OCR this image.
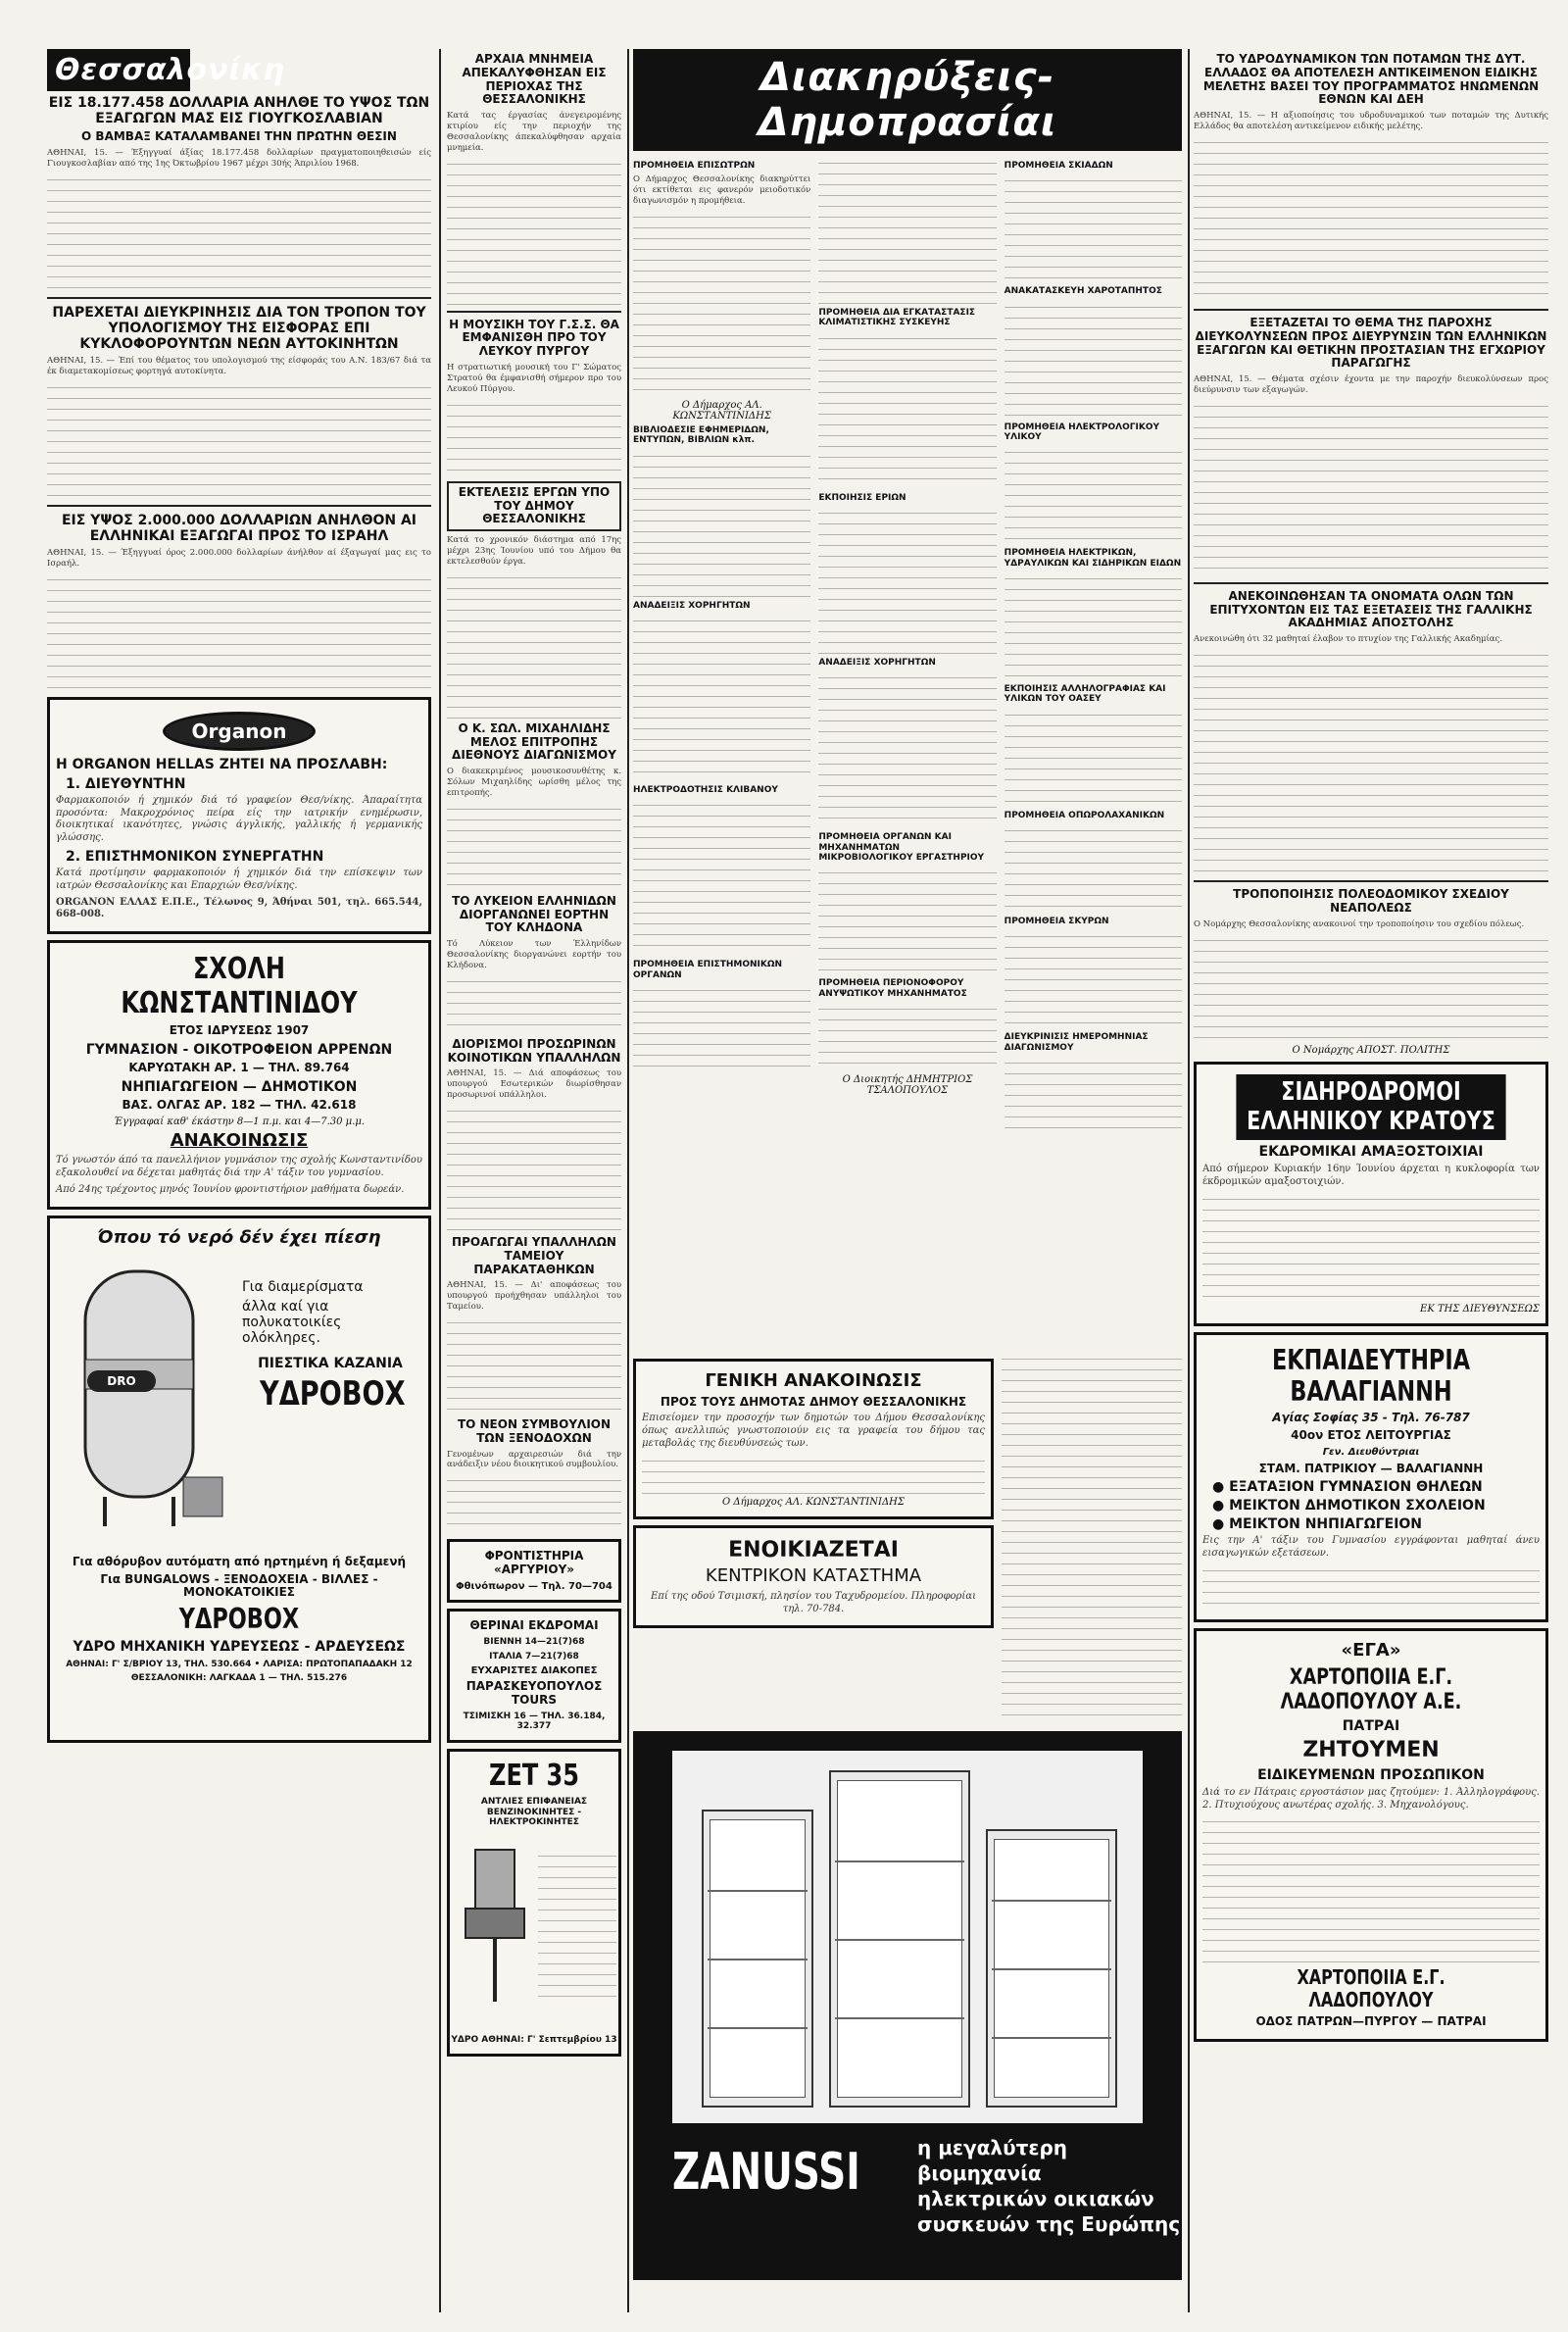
Θεσσαλονίκη
ΕΙΣ 18.177.458 ΔΟΛΛΑΡΙΑ ΑΝΗΛΘΕ ΤΟ ΥΨΟΣ ΤΩΝ ΕΞΑΓΩΓΩΝ ΜΑΣ ΕΙΣ ΓΙΟΥΓΚΟΣΛΑΒΙΑΝ
Ο ΒΑΜΒΑΞ ΚΑΤΑΛΑΜΒΑΝΕΙ ΤΗΝ ΠΡΩΤΗΝ ΘΕΣΙΝ

ΑΘΗΝΑΙ, 15. — Έξηγγυαί άξίας 18.177.458 δολλαρίων πραγματοποιηθεισών είς Γιουγκοσλαβίαν από της 1ης Όκτωβρίου 1967 μέχρι 30ής Άπριλίου 1968.

ΠΑΡΕΧΕΤΑΙ ΔΙΕΥΚΡΙΝΗΣΙΣ ΔΙΑ ΤΟΝ ΤΡΟΠΟΝ ΤΟΥ ΥΠΟΛΟΓΙΣΜΟΥ ΤΗΣ ΕΙΣΦΟΡΑΣ ΕΠΙ ΚΥΚΛΟΦΟΡΟΥΝΤΩΝ ΝΕΩΝ ΑΥΤΟΚΙΝΗΤΩΝ

ΑΘΗΝΑΙ, 15. — Έπί του θέματος του υπολογισμού της είσφοράς του Α.Ν. 183/67 διά τα έκ διαμετακομίσεως φορτηγά αυτοκίνητα.

ΕΙΣ ΥΨΟΣ 2.000.000 ΔΟΛΛΑΡΙΩΝ ΑΝΗΛΘΟΝ ΑΙ ΕΛΛΗΝΙΚΑΙ ΕΞΑΓΩΓΑΙ ΠΡΟΣ ΤΟ ΙΣΡΑΗΛ

ΑΘΗΝΑΙ, 15. — Έξηγγυαί όρος 2.000.000 δολλαρίων άνήλθον αί έξαγωγαί μας εις το Ισραήλ.

Organon
Η ORGANON HELLAS ΖΗΤΕΙ ΝΑ ΠΡΟΣΛΑΒΗ:
1. ΔΙΕΥΘΥΝΤΗΝ

Φαρμακοποιόν ή χημικόν διά τό γραφείον Θεσ/νίκης. Άπαραίτητα προσόντα: Μακροχρόνιος πείρα είς την ιατρικήν ενημέρωσιν, διοικητικαί ικανότητες, γνώσις άγγλικής, γαλλικής ή γερμανικής γλώσσης.

2. ΕΠΙΣΤΗΜΟΝΙΚΟΝ ΣΥΝΕΡΓΑΤΗΝ

Κατά προτίμησιν φαρμακοποιόν ή χημικόν διά την επίσκεψιν των ιατρών Θεσσαλονίκης και Επαρχιών Θεσ/νίκης.

ORGANON ΕΛΛΑΣ Ε.Π.Ε., Τέλωνος 9, Άθήναι 501, τηλ. 665.544, 668-008.

ΣΧΟΛΗ ΚΩΝΣΤΑΝΤΙΝΙΔΟΥ
ΕΤΟΣ ΙΔΡΥΣΕΩΣ 1907
ΓΥΜΝΑΣΙΟΝ - ΟΙΚΟΤΡΟΦΕΙΟΝ ΑΡΡΕΝΩΝ
ΚΑΡΥΩΤΑΚΗ ΑΡ. 1 — ΤΗΛ. 89.764
ΝΗΠΙΑΓΩΓΕΙΟΝ — ΔΗΜΟΤΙΚΟΝ
ΒΑΣ. ΟΛΓΑΣ ΑΡ. 182 — ΤΗΛ. 42.618
Έγγραφαί καθ' έκάστην 8—1 π.μ. και 4—7.30 μ.μ.
ΑΝΑΚΟΙΝΩΣΙΣ

Τό γνωστόν άπό τα πανελλήνιον γυμνάσιον της σχολής Κωνσταντινίδου εξακολουθεί να δέχεται μαθητάς διά την Α' τάξιν του γυμνασίου.

Από 24ης τρέχοντος μηνός Ίουνίου φροντιστήριον μαθήματα δωρεάν.

Όπου τό νερό δέν έχει πίεση
DRO
Για διαμερίσματα
άλλα καί για πολυκατοικίες ολόκληρες.
ΠΙΕΣΤΙΚΑ ΚΑΖΑΝΙΑ
ΥΔΡΟΒΟΧ
Για αθόρυβον αυτόματη από ηρτημένη ή δεξαμενή
Για BUNGALOWS - ΞΕΝΟΔΟΧΕΙΑ - ΒΙΛΛΕΣ - ΜΟΝΟΚΑΤΟΙΚΙΕΣ
ΥΔΡΟΒΟΧ
ΥΔΡΟ ΜΗΧΑΝΙΚΗ ΥΔΡΕΥΣΕΩΣ - ΑΡΔΕΥΣΕΩΣ
ΑΘΗΝΑΙ: Γ' Σ/ΒΡΙΟΥ 13, ΤΗΛ. 530.664 • ΛΑΡΙΣΑ: ΠΡΩΤΟΠΑΠΑΔΑΚΗ 12
ΘΕΣΣΑΛΟΝΙΚΗ: ΛΑΓΚΑΔΑ 1 — ΤΗΛ. 515.276
ΑΡΧΑΙΑ ΜΝΗΜΕΙΑ ΑΠΕΚΑΛΥΦΘΗΣΑΝ ΕΙΣ ΠΕΡΙΟΧΑΣ ΤΗΣ ΘΕΣΣΑΛΟΝΙΚΗΣ

Κατά τας έργασίας άνεγειρομένης κτιρίου είς την περιοχήν της Θεσσαλονίκης άπεκαλύφθησαν αρχαία μνημεία.

Η ΜΟΥΣΙΚΗ ΤΟΥ Γ.Σ.Σ. ΘΑ ΕΜΦΑΝΙΣΘΗ ΠΡΟ ΤΟΥ ΛΕΥΚΟΥ ΠΥΡΓΟΥ

Η στρατιωτική μουσική του Γ' Σώματος Στρατού θα έμφανισθή σήμερον προ του Λευκού Πύργου.

ΕΚΤΕΛΕΣΙΣ ΕΡΓΩΝ ΥΠΟ ΤΟΥ ΔΗΜΟΥ ΘΕΣΣΑΛΟΝΙΚΗΣ

Κατά το χρονικόν διάστημα από 17ης μέχρι 23ης Ίουνίου υπό του Δήμου θα εκτελεσθούν έργα.

Ο Κ. ΣΩΛ. ΜΙΧΑΗΛΙΔΗΣ ΜΕΛΟΣ ΕΠΙΤΡΟΠΗΣ ΔΙΕΘΝΟΥΣ ΔΙΑΓΩΝΙΣΜΟΥ

Ο διακεκριμένος μουσικοσυνθέτης κ. Σόλων Μιχαηλίδης ωρίσθη μέλος της επιτροπής.

ΤΟ ΛΥΚΕΙΟΝ ΕΛΛΗΝΙΔΩΝ ΔΙΟΡΓΑΝΩΝΕΙ ΕΟΡΤΗΝ ΤΟΥ ΚΛΗΔΟΝΑ

Τό Λύκειον των Έλληνίδων Θεσσαλονίκης διοργανώνει εορτήν του Κλήδονα.

ΔΙΟΡΙΣΜΟΙ ΠΡΟΣΩΡΙΝΩΝ ΚΟΙΝΟΤΙΚΩΝ ΥΠΑΛΛΗΛΩΝ

ΑΘΗΝΑΙ, 15. — Διά αποφάσεως του υπουργού Εσωτερικών διωρίσθησαν προσωρινοί υπάλληλοι.

ΠΡΟΑΓΩΓΑΙ ΥΠΑΛΛΗΛΩΝ ΤΑΜΕΙΟΥ ΠΑΡΑΚΑΤΑΘΗΚΩΝ

ΑΘΗΝΑΙ, 15. — Δι' αποφάσεως του υπουργού προήχθησαν υπάλληλοι του Ταμείου.

ΤΟ ΝΕΟΝ ΣΥΜΒΟΥΛΙΟΝ ΤΩΝ ΞΕΝΟΔΟΧΩΝ

Γενομένων αρχαιρεσιών διά την ανάδειξιν νέου διοικητικού συμβουλίου.

ΦΡΟΝΤΙΣΤΗΡΙΑ «ΑΡΓΥΡΙΟΥ»
Φθινόπωρον — Τηλ. 70—704
ΘΕΡΙΝΑΙ ΕΚΔΡΟΜΑΙ
ΒΙΕΝΝΗ 14—21(7)68
ΙΤΑΛΙΑ 7—21(7)68
ΕΥΧΑΡΙΣΤΕΣ ΔΙΑΚΟΠΕΣ
ΠΑΡΑΣΚΕΥΟΠΟΥΛΟΣ TOURS
ΤΣΙΜΙΣΚΗ 16 — ΤΗΛ. 36.184, 32.377
ΖΕΤ 35
ΑΝΤΛΙΕΣ ΕΠΙΦΑΝΕΙΑΣ ΒΕΝΖΙΝΟΚΙΝΗΤΕΣ - ΗΛΕΚΤΡΟΚΙΝΗΤΕΣ
ΥΔΡΟ ΑΘΗΝΑΙ: Γ' Σεπτεμβρίου 13
Διακηρύξεις-Δημοπρασίαι
ΠΡΟΜΗΘΕΙΑ ΕΠΙΣΩΤΡΩΝ

Ο Δήμαρχος Θεσσαλονίκης διακηρύττει ότι εκτίθεται εις φανερόν μειοδοτικόν διαγωνισμόν η προμήθεια.

Ο Δήμαρχος ΑΛ. ΚΩΝΣΤΑΝΤΙΝΙΔΗΣ
ΒΙΒΛΙΟΔΕΣΙΕ ΕΦΗΜΕΡΙΔΩΝ, ΕΝΤΥΠΩΝ, ΒΙΒΛΙΩΝ κλπ.
ΑΝΑΔΕΙΞΙΣ ΧΟΡΗΓΗΤΩΝ
ΗΛΕΚΤΡΟΔΟΤΗΣΙΣ ΚΛΙΒΑΝΟΥ
ΠΡΟΜΗΘΕΙΑ ΕΠΙΣΤΗΜΟΝΙΚΩΝ ΟΡΓΑΝΩΝ
ΠΡΟΜΗΘΕΙΑ ΔΙΑ ΕΓΚΑΤΑΣΤΑΣΙΣ ΚΛΙΜΑΤΙΣΤΙΚΗΣ ΣΥΣΚΕΥΗΣ
ΕΚΠΟΙΗΣΙΣ ΕΡΙΩΝ
ΑΝΑΔΕΙΞΙΣ ΧΟΡΗΓΗΤΩΝ
ΠΡΟΜΗΘΕΙΑ ΟΡΓΑΝΩΝ ΚΑΙ ΜΗΧΑΝΗΜΑΤΩΝ ΜΙΚΡΟΒΙΟΛΟΓΙΚΟΥ ΕΡΓΑΣΤΗΡΙΟΥ
ΠΡΟΜΗΘΕΙΑ ΠΕΡΙΟΝΟΦΟΡΟΥ ΑΝΥΨΩΤΙΚΟΥ ΜΗΧΑΝΗΜΑΤΟΣ
Ο Διοικητής ΔΗΜΗΤΡΙΟΣ ΤΣΑΛΟΠΟΥΛΟΣ
ΠΡΟΜΗΘΕΙΑ ΣΚΙΑΔΩΝ
ΑΝΑΚΑΤΑΣΚΕΥΗ ΧΑΡΟΤΑΠΗΤΟΣ
ΠΡΟΜΗΘΕΙΑ ΗΛΕΚΤΡΟΛΟΓΙΚΟΥ ΥΛΙΚΟΥ
ΠΡΟΜΗΘΕΙΑ ΗΛΕΚΤΡΙΚΩΝ, ΥΔΡΑΥΛΙΚΩΝ ΚΑΙ ΣΙΔΗΡΙΚΩΝ ΕΙΔΩΝ
ΕΚΠΟΙΗΣΙΣ ΑΛΛΗΛΟΓΡΑΦΙΑΣ ΚΑΙ ΥΛΙΚΩΝ ΤΟΥ ΟΑΣΕΥ
ΠΡΟΜΗΘΕΙΑ ΟΠΩΡΟΛΑΧΑΝΙΚΩΝ
ΠΡΟΜΗΘΕΙΑ ΣΚΥΡΩΝ
ΔΙΕΥΚΡΙΝΙΣΙΣ ΗΜΕΡΟΜΗΝΙΑΣ ΔΙΑΓΩΝΙΣΜΟΥ
ΓΕΝΙΚΗ ΑΝΑΚΟΙΝΩΣΙΣ
ΠΡΟΣ ΤΟΥΣ ΔΗΜΟΤΑΣ ΔΗΜΟΥ ΘΕΣΣΑΛΟΝΙΚΗΣ

Επισείομεν την προσοχήν των δημοτών του Δήμου Θεσσαλονίκης όπως ανελλιπώς γνωστοποιούν εις τα γραφεία του δήμου τας μεταβολάς της διευθύνσεώς των.

Ο Δήμαρχος ΑΛ. ΚΩΝΣΤΑΝΤΙΝΙΔΗΣ
ΕΝΟΙΚΙΑΖΕΤΑΙ
ΚΕΝΤΡΙΚΟΝ ΚΑΤΑΣΤΗΜΑ

Επί της οδού Τσιμισκή, πλησίον του Ταχυδρομείου. Πληροφορίαι τηλ. 70-784.

ZANUSSI	η μεγαλύτερη βιομηχανία
ηλεκτρικών οικιακών
συσκευών της Ευρώπης
ΤΟ ΥΔΡΟΔΥΝΑΜΙΚΟΝ ΤΩΝ ΠΟΤΑΜΩΝ ΤΗΣ ΔΥΤ. ΕΛΛΑΔΟΣ ΘΑ ΑΠΟΤΕΛΕΣΗ ΑΝΤΙΚΕΙΜΕΝΟΝ ΕΙΔΙΚΗΣ ΜΕΛΕΤΗΣ ΒΑΣΕΙ ΤΟΥ ΠΡΟΓΡΑΜΜΑΤΟΣ ΗΝΩΜΕΝΩΝ ΕΘΝΩΝ ΚΑΙ ΔΕΗ

ΑΘΗΝΑΙ, 15. — Η αξιοποίησις του υδροδυναμικού των ποταμών της Δυτικής Ελλάδος θα αποτελέση αντικείμενον ειδικής μελέτης.

ΕΞΕΤΑΖΕΤΑΙ ΤΟ ΘΕΜΑ ΤΗΣ ΠΑΡΟΧΗΣ ΔΙΕΥΚΟΛΥΝΣΕΩΝ ΠΡΟΣ ΔΙΕΥΡΥΝΣΙΝ ΤΩΝ ΕΛΛΗΝΙΚΩΝ ΕΞΑΓΩΓΩΝ ΚΑΙ ΘΕΤΙΚΗΝ ΠΡΟΣΤΑΣΙΑΝ ΤΗΣ ΕΓΧΩΡΙΟΥ ΠΑΡΑΓΩΓΗΣ

ΑΘΗΝΑΙ, 15. — Θέματα σχέσιν έχοντα με την παροχήν διευκολύνσεων προς διεύρυνσιν των εξαγωγών.

ΑΝΕΚΟΙΝΩΘΗΣΑΝ ΤΑ ΟΝΟΜΑΤΑ ΟΛΩΝ ΤΩΝ ΕΠΙΤΥΧΟΝΤΩΝ ΕΙΣ ΤΑΣ ΕΞΕΤΑΣΕΙΣ ΤΗΣ ΓΑΛΛΙΚΗΣ ΑΚΑΔΗΜΙΑΣ ΑΠΟΣΤΟΛΗΣ

Ανεκοινώθη ότι 32 μαθηταί έλαβον το πτυχίον της Γαλλικής Ακαδημίας.

ΤΡΟΠΟΠΟΙΗΣΙΣ ΠΟΛΕΟΔΟΜΙΚΟΥ ΣΧΕΔΙΟΥ ΝΕΑΠΟΛΕΩΣ

Ο Νομάρχης Θεσσαλονίκης ανακοινοί την τροποποίησιν του σχεδίου πόλεως.

Ο Νομάρχης ΑΠΟΣΤ. ΠΟΛΙΤΗΣ
ΣΙΔΗΡΟΔΡΟΜΟΙ ΕΛΛΗΝΙΚΟΥ ΚΡΑΤΟΥΣ
ΕΚΔΡΟΜΙΚΑΙ ΑΜΑΞΟΣΤΟΙΧΙΑΙ

Από σήμερον Κυριακήν 16ην Ίουνίου άρχεται η κυκλοφορία των έκδρομικών αμαξοστοιχιών.

ΕΚ ΤΗΣ ΔΙΕΥΘΥΝΣΕΩΣ
ΕΚΠΑΙΔΕΥΤΗΡΙΑ ΒΑΛΑΓΙΑΝΝΗ
Αγίας Σοφίας 35 - Τηλ. 76-787
40ον ΕΤΟΣ ΛΕΙΤΟΥΡΓΙΑΣ
Γεν. Διευθύντριαι
ΣΤΑΜ. ΠΑΤΡΙΚΙΟΥ — ΒΑΛΑΓΙΑΝΝΗ
● ΕΞΑΤΑΞΙΟΝ ΓΥΜΝΑΣΙΟΝ ΘΗΛΕΩΝ
● ΜΕΙΚΤΟΝ ΔΗΜΟΤΙΚΟΝ ΣΧΟΛΕΙΟΝ
● ΜΕΙΚΤΟΝ ΝΗΠΙΑΓΩΓΕΙΟΝ

Εις την Α' τάξιν του Γυμνασίου εγγράφονται μαθηταί άνευ εισαγωγικών εξετάσεων.

«ΕΓΑ»
ΧΑΡΤΟΠΟΙΙΑ Ε.Γ. ΛΑΔΟΠΟΥΛΟΥ Α.Ε.
ΠΑΤΡΑΙ
ΖΗΤΟΥΜΕΝ
ΕΙΔΙΚΕΥΜΕΝΩΝ ΠΡΟΣΩΠΙΚΟΝ

Διά το εν Πάτραις εργοστάσιον μας ζητούμεν: 1. Άλληλογράφους. 2. Πτυχιούχους ανωτέρας σχολής. 3. Μηχανολόγους.

ΧΑΡΤΟΠΟΙΙΑ Ε.Γ. ΛΑΔΟΠΟΥΛΟΥ
ΟΔΟΣ ΠΑΤΡΩΝ—ΠΥΡΓΟΥ — ΠΑΤΡΑΙ
